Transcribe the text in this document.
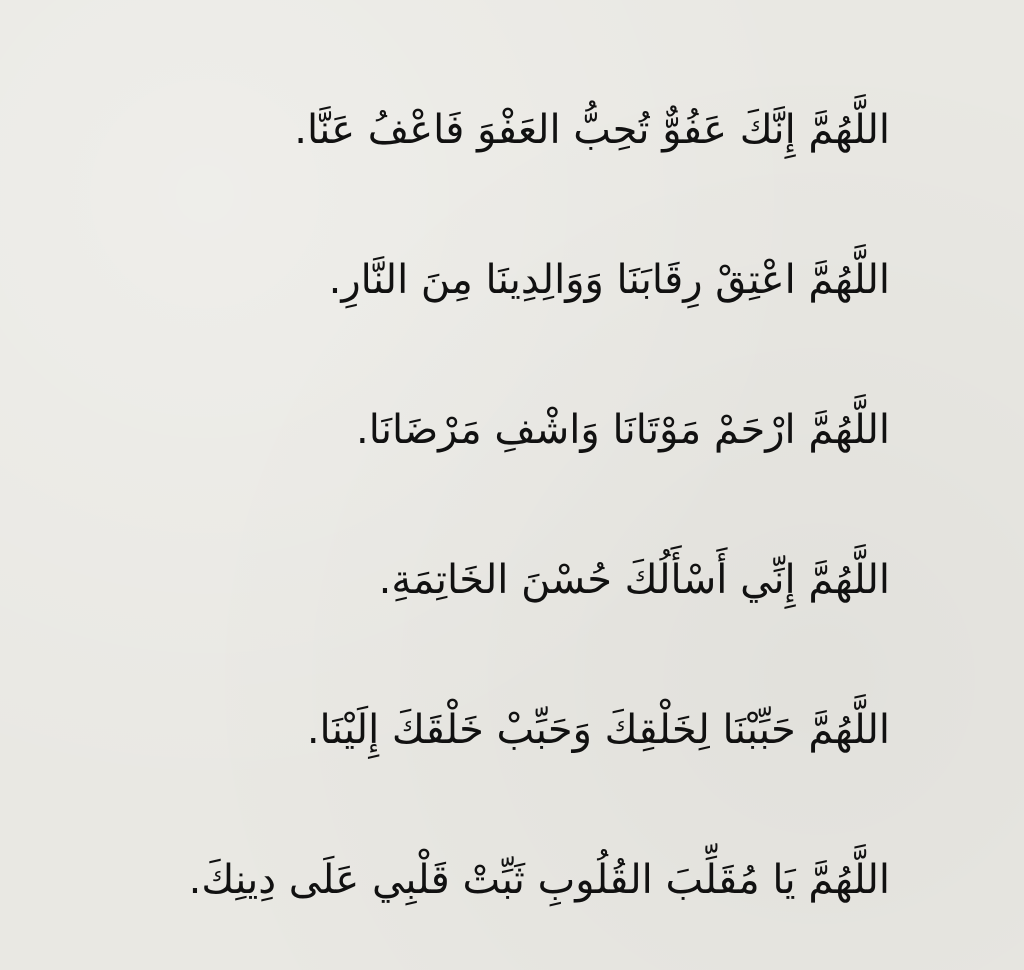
اللَّهُمَّ إِنَّكَ عَفُوٌّ تُحِبُّ العَفْوَ فَاعْفُ عَنَّا.
اللَّهُمَّ اعْتِقْ رِقَابَنَا وَوَالِدِينَا مِنَ النَّارِ.
اللَّهُمَّ ارْحَمْ مَوْتَانَا وَاشْفِ مَرْضَانَا.
اللَّهُمَّ إِنِّي أَسْأَلُكَ حُسْنَ الخَاتِمَةِ.
اللَّهُمَّ حَبِّبْنَا لِخَلْقِكَ وَحَبِّبْ خَلْقَكَ إِلَيْنَا.
اللَّهُمَّ يَا مُقَلِّبَ القُلُوبِ ثَبِّتْ قَلْبِي عَلَى دِينِكَ.
